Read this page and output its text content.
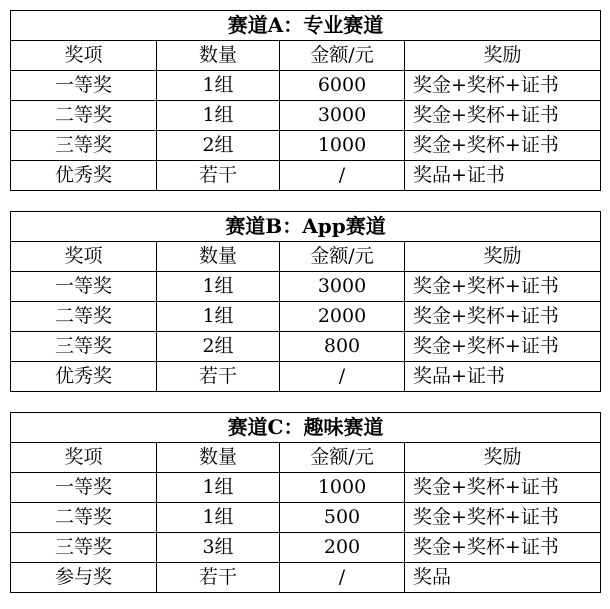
赛道A：专业赛道			
奖项	数量	金额/元	奖励
一等奖	1组	6000	奖金+奖杯+证书
二等奖	1组	3000	奖金+奖杯+证书
三等奖	2组	1000	奖金+奖杯+证书
优秀奖	若干	/	奖品+证书
赛道B：App赛道			
奖项	数量	金额/元	奖励
一等奖	1组	3000	奖金+奖杯+证书
二等奖	1组	2000	奖金+奖杯+证书
三等奖	2组	800	奖金+奖杯+证书
优秀奖	若干	/	奖品+证书
赛道C：趣味赛道			
奖项	数量	金额/元	奖励
一等奖	1组	1000	奖金+奖杯+证书
二等奖	1组	500	奖金+奖杯+证书
三等奖	3组	200	奖金+奖杯+证书
参与奖	若干	/	奖品
